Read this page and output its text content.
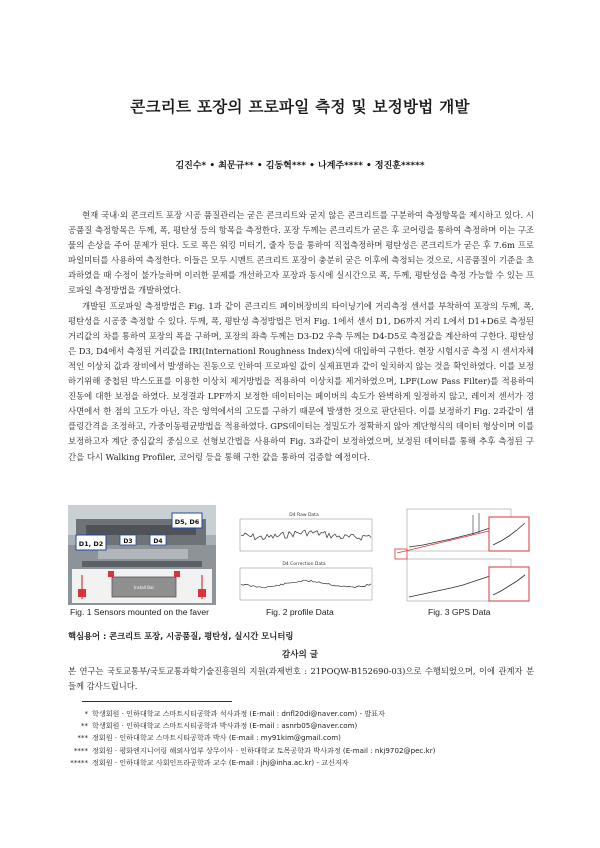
콘크리트 포장의 프로파일 측정 및 보정방법 개발
김진수* • 최문규** • 김동혁*** • 나계주**** • 정진훈*****

현재 국내·외 콘크리트 포장 시공 품질관리는 굳은 콘크리트와 굳지 않은 콘크리트를 구분하여 측정항목을 제시하고 있다. 시공품질 측정항목은 두께, 폭, 평탄성 등의 항목을 측정한다. 포장 두께는 콘크리트가 굳은 후 코어링을 통하여 측정하며 이는 구조물의 손상을 주어 문제가 된다. 도로 폭은 워킹 미터기, 줄자 등을 통하여 직접측정하며 평탄성은 콘크리트가 굳은 후 7.6m 프로파일미터를 사용하여 측정한다. 이들은 모두 시멘트 콘크리트 포장이 충분히 굳은 이후에 측정되는 것으로, 시공품질이 기준을 초과하였을 때 수정이 불가능하며 이러한 문제를 개선하고자 포장과 동시에 실시간으로 폭, 두께, 평탄성을 측정 가능할 수 있는 프로파일 측정방법을 개발하였다.

개발된 프로파일 측정방법은 Fig. 1과 같이 콘크리트 페이버장비의 타이닝기에 거리측정 센서를 부착하여 포장의 두께, 폭, 평탄성을 시공중 측정할 수 있다. 두께, 폭, 평탄성 측정방법은 먼저 Fig. 1에서 센서 D1, D6까지 거리 L에서 D1+D6로 측정된 거리값의 차를 통하여 포장의 폭을 구하며, 포장의 좌측 두께는 D3-D2 우측 두께는 D4-D5로 측정값을 계산하여 구한다. 평탄성은 D3, D4에서 측정된 거리값을 IRI(Internationl Roughness Index)식에 대입하여 구한다. 현장 시험시공 측정 시 센서자체적인 이상치 값과 장비에서 발생하는 진동으로 인하여 프로파일 값이 실제표면과 같이 일치하지 않는 것을 확인하였다. 이를 보정하기위해 중첩된 박스도표를 이용한 이상치 제거방법을 적용하여 이상치를 제거하였으며, LPF(Low Pass Filter)를 적용하여 진동에 대한 보정을 하였다. 보정결과 LPF까지 보정한 데이터이는 페이버의 속도가 완벽하게 일정하지 않고, 레이저 센서가 경사면에서 한 점의 고도가 아닌, 작은 영역에서의 고도를 구하기 때문에 발생한 것으로 판단된다. 이를 보정하기 Fig. 2과같이 샘플링간격을 조정하고, 가중이동평균방법을 적용하였다. GPS데이터는 정밀도가 정확하지 않아 계단형식의 데이터 형상이며 이를 보정하고자 계단 중심값의 중심으로 선형보간법을 사용하여 Fig. 3과같이 보정하였으며, 보정된 데이터를 통해 추후 측정된 구간을 다시 Walking Profiler, 코어링 등을 통해 구한 값을 통하여 검증할 예정이다.

D1, D2
D5, D6
D3	D4
Install Bar
D4 Raw Data
D4 Correction Data
Fig. 1 Sensors mounted on the faver	Fig. 2 profile Data	Fig. 3 GPS Data
핵심용어 : 콘크리트 포장, 시공품질, 평탄성, 실시간 모니터링
감사의 글
본 연구는 국토교통부/국토교통과학기술진흥원의 지원(과제번호 : 21POQW-B152690-03)으로 수행되었으며, 이에 관계자 분들께 감사드립니다.
* 학생회원 · 인하대학교 스마트시티공학과 석사과정 (E-mail : dnfl20di@naver.com) - 발표자
** 학생회원 · 인하대학교 스마트시티공학과 박사과정 (E-mail : asnrb05@naver.com)
*** 정회원 · 인하대학교 스마트시티공학과 박사 (E-mail : my91kim@gmail.com)
**** 정회원 · 평화엔지니어링 해외사업부 상무이사 · 인하대학교 토목공학과 박사과정 (E-mail : nkj9702@pec.kr)
***** 정회원 · 인하대학교 사회인프라공학과 교수 (E-mail : jhj@inha.ac.kr) - 교신저자
